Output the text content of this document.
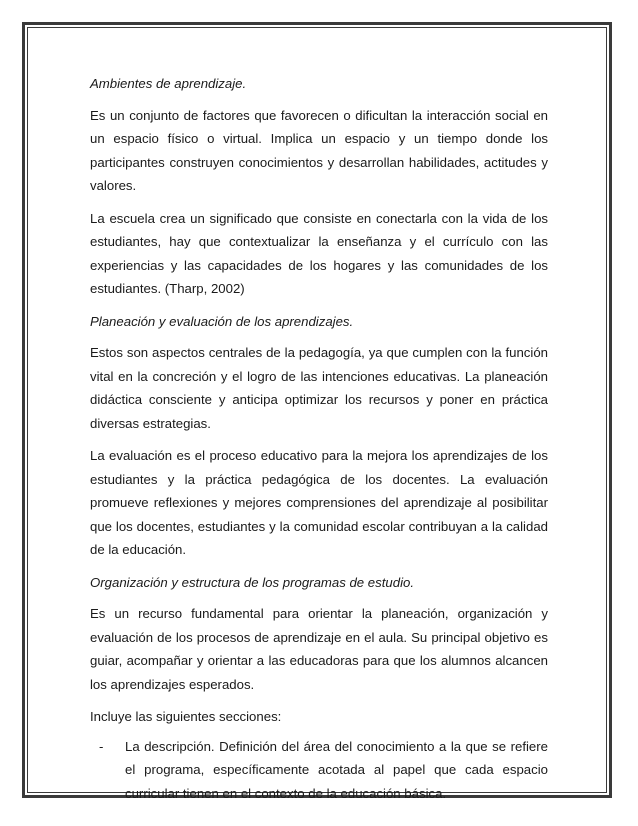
Ambientes de aprendizaje.

Es un conjunto de factores que favorecen o dificultan la interacción social en un espacio físico o virtual. Implica un espacio y un tiempo donde los participantes construyen conocimientos y desarrollan habilidades, actitudes y valores.

La escuela crea un significado que consiste en conectarla con la vida de los estudiantes, hay que contextualizar la enseñanza y el currículo con las experiencias y las capacidades de los hogares y las comunidades de los estudiantes. (Tharp, 2002)

Planeación y evaluación de los aprendizajes.

Estos son aspectos centrales de la pedagogía, ya que cumplen con la función vital en la concreción y el logro de las intenciones educativas. La planeación didáctica consciente y anticipa optimizar los recursos y poner en práctica diversas estrategias.

La evaluación es el proceso educativo para la mejora los aprendizajes de los estudiantes y la práctica pedagógica de los docentes. La evaluación promueve reflexiones y mejores comprensiones del aprendizaje al posibilitar que los docentes, estudiantes y la comunidad escolar contribuyan a la calidad de la educación.

Organización y estructura de los programas de estudio.

Es un recurso fundamental para orientar la planeación, organización y evaluación de los procesos de aprendizaje en el aula. Su principal objetivo es guiar, acompañar y orientar a las educadoras para que los alumnos alcancen los aprendizajes esperados.

Incluye las siguientes secciones:

- La descripción. Definición del área del conocimiento a la que se refiere el programa, específicamente acotada al papel que cada espacio curricular tienen en el contexto de la educación básica.
